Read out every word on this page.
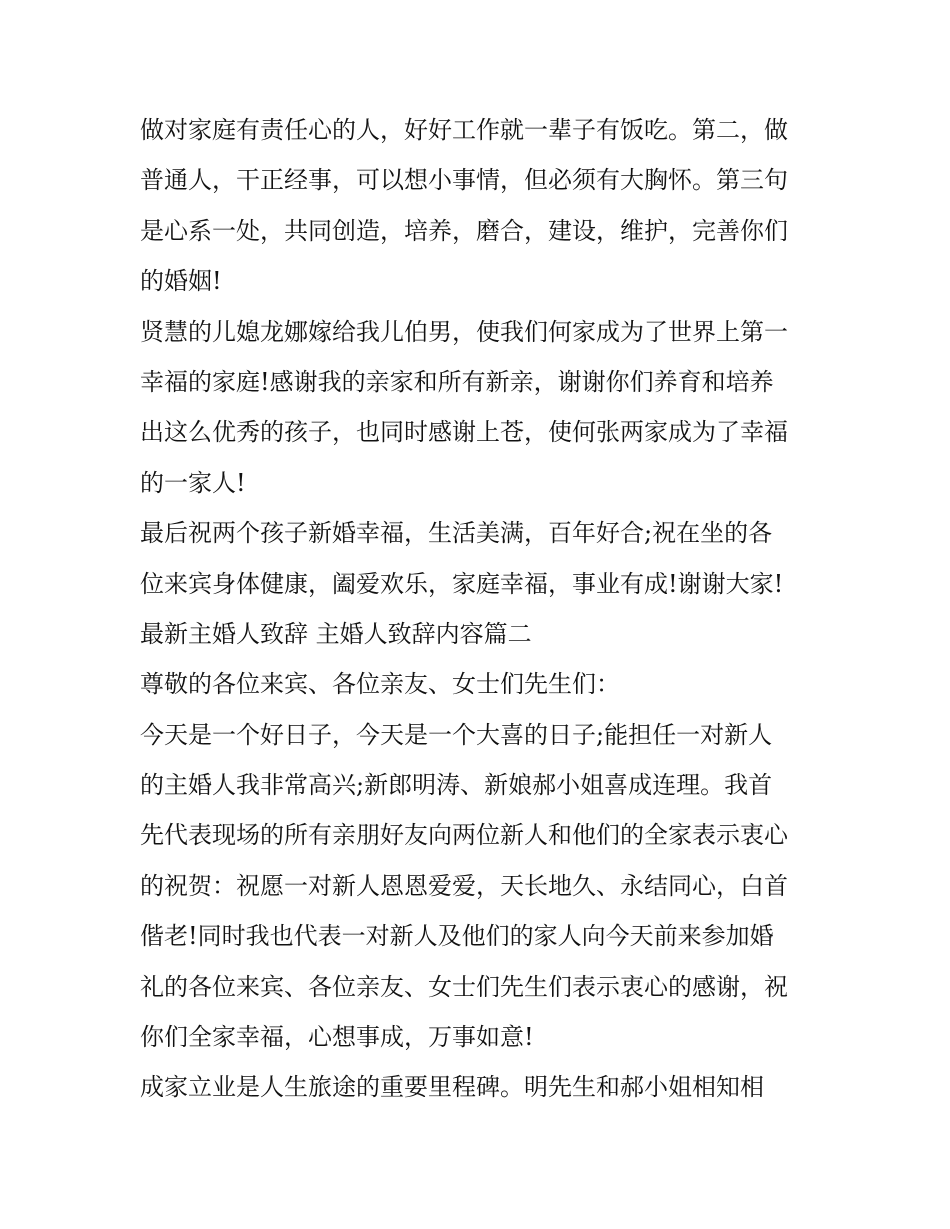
做对家庭有责任心的人，好好工作就一辈子有饭吃。第二，做
普通人，干正经事，可以想小事情，但必须有大胸怀。第三句
是心系一处，共同创造，培养，磨合，建设，维护，完善你们
的婚姻!
贤慧的儿媳龙娜嫁给我儿伯男，使我们何家成为了世界上第一
幸福的家庭!感谢我的亲家和所有新亲，谢谢你们养育和培养
出这么优秀的孩子，也同时感谢上苍，使何张两家成为了幸福
的一家人!
最后祝两个孩子新婚幸福，生活美满，百年好合;祝在坐的各
位来宾身体健康，阖爱欢乐，家庭幸福，事业有成!谢谢大家!
最新主婚人致辞 主婚人致辞内容篇二
尊敬的各位来宾、各位亲友、女士们先生们：
今天是一个好日子，今天是一个大喜的日子;能担任一对新人
的主婚人我非常高兴;新郎明涛、新娘郝小姐喜成连理。我首
先代表现场的所有亲朋好友向两位新人和他们的全家表示衷心
的祝贺：祝愿一对新人恩恩爱爱，天长地久、永结同心，白首
偕老!同时我也代表一对新人及他们的家人向今天前来参加婚
礼的各位来宾、各位亲友、女士们先生们表示衷心的感谢，祝
你们全家幸福，心想事成，万事如意!
成家立业是人生旅途的重要里程碑。明先生和郝小姐相知相
